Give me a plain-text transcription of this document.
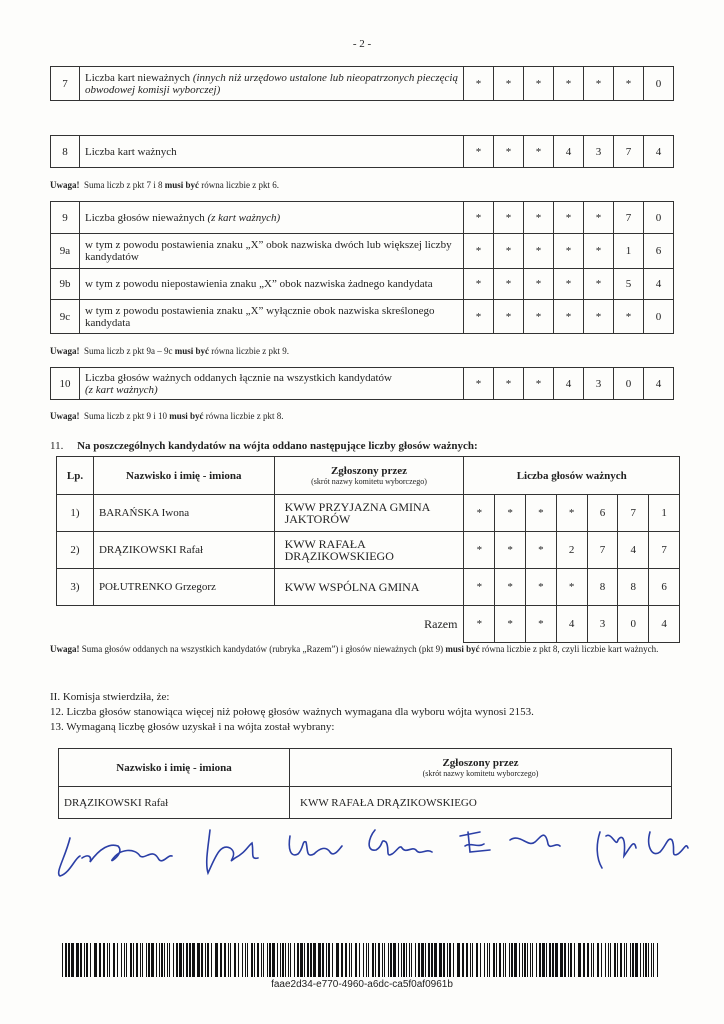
- 2 -
7	Liczba kart nieważnych (innych niż urzędowo ustalone lub nieopatrzonych pieczęcią obwodowej komisji wyborczej)	*	*	*	*	*	*	0
8	Liczba kart ważnych	*	*	*	4	3	7	4
Uwaga! Suma liczb z pkt 7 i 8 musi być równa liczbie z pkt 6.
9	Liczba głosów nieważnych (z kart ważnych)	*	*	*	*	*	7	0
9a	w tym z powodu postawienia znaku „X” obok nazwiska dwóch lub większej liczby kandydatów	*	*	*	*	*	1	6
9b	w tym z powodu niepostawienia znaku „X” obok nazwiska żadnego kandydata	*	*	*	*	*	5	4
9c	w tym z powodu postawienia znaku „X” wyłącznie obok nazwiska skreślonego kandydata	*	*	*	*	*	*	0
Uwaga! Suma liczb z pkt 9a – 9c musi być równa liczbie z pkt 9.
10	Liczba głosów ważnych oddanych łącznie na wszystkich kandydatów
(z kart ważnych)	*	*	*	4	3	0	4
Uwaga! Suma liczb z pkt 9 i 10 musi być równa liczbie z pkt 8.
11. Na poszczególnych kandydatów na wójta oddano następujące liczby głosów ważnych:
Lp.	Nazwisko i imię - imiona	Zgłoszony przez
(skrót nazwy komitetu wyborczego)	Liczba głosów ważnych						
1)	BARAŃSKA Iwona	KWW PRZYJAZNA GMINA JAKTORÓW	*	*	*	*	6	7	1
2)	DRĄZIKOWSKI Rafał	KWW RAFAŁA DRĄZIKOWSKIEGO	*	*	*	2	7	4	7
3)	POŁUTRENKO Grzegorz	KWW WSPÓLNA GMINA	*	*	*	*	8	8	6
Razem			*	*	*	4	3	0	4
Uwaga! Suma głosów oddanych na wszystkich kandydatów (rubryka „Razem”) i głosów nieważnych (pkt 9) musi być równa liczbie z pkt 8, czyli liczbie kart ważnych.
II. Komisja stwierdziła, że:
12. Liczba głosów stanowiąca więcej niż połowę głosów ważnych wymagana dla wyboru wójta wynosi 2153.
13. Wymaganą liczbę głosów uzyskał i na wójta został wybrany:
Nazwisko i imię - imiona	Zgłoszony przez
(skrót nazwy komitetu wyborczego)

DRĄZIKOWSKI Rafał	KWW RAFAŁA DRĄZIKOWSKIEGO
faae2d34-e770-4960-a6dc-ca5f0af0961b
